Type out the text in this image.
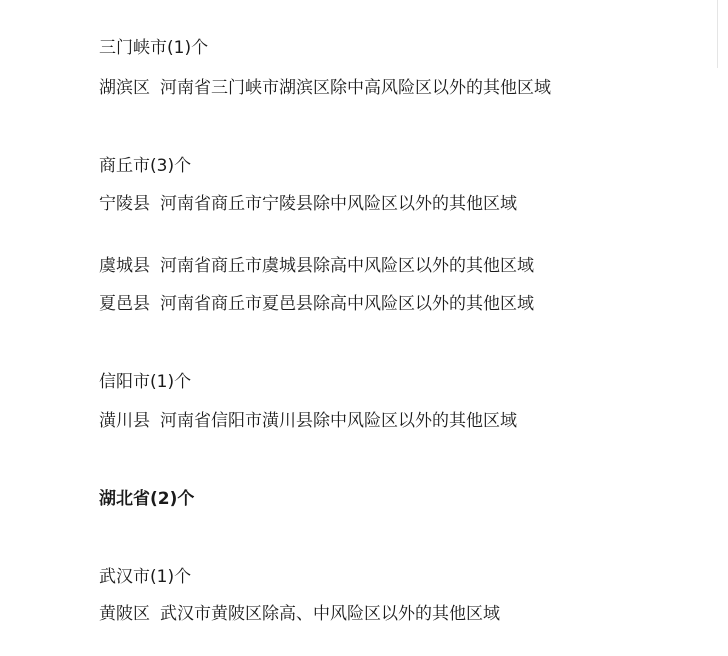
三门峡市(1)个
湖滨区 河南省三门峡市湖滨区除中高风险区以外的其他区域
商丘市(3)个
宁陵县 河南省商丘市宁陵县除中风险区以外的其他区域
虞城县 河南省商丘市虞城县除高中风险区以外的其他区域
夏邑县 河南省商丘市夏邑县除高中风险区以外的其他区域
信阳市(1)个
潢川县 河南省信阳市潢川县除中风险区以外的其他区域
湖北省(2)个
武汉市(1)个
黄陂区 武汉市黄陂区除高、中风险区以外的其他区域
